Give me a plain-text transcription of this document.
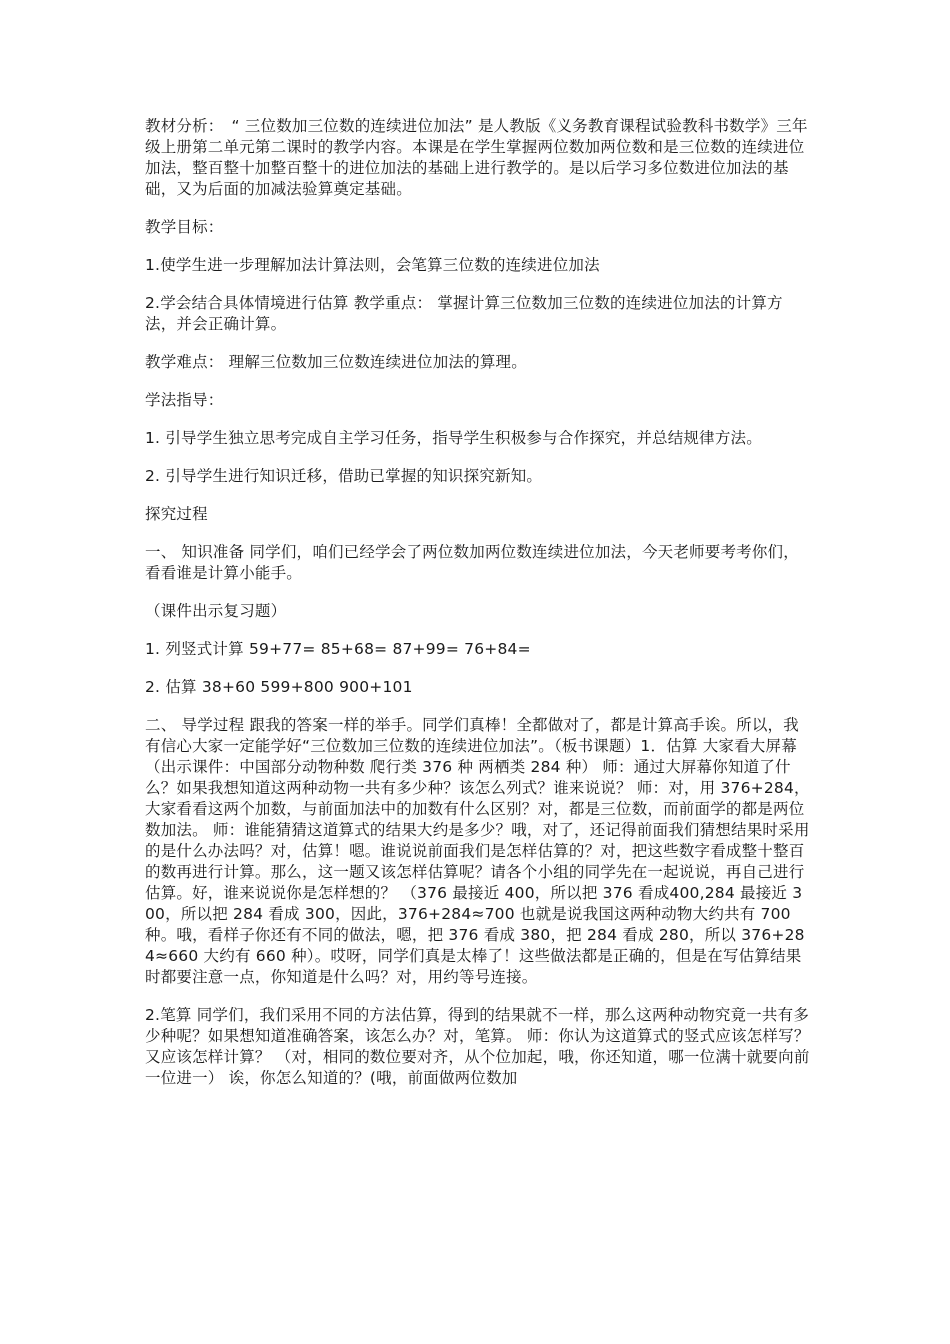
教材分析：　“ 三位数加三位数的连续进位加法” 是人教版《义务教育课程试验教科书数学》三年级上册第二单元第二课时的教学内容。本课是在学生掌握两位数加两位数和是三位数的连续进位加法，整百整十加整百整十的进位加法的基础上进行教学的。是以后学习多位数进位加法的基础，又为后面的加减法验算奠定基础。

教学目标：

1.使学生进一步理解加法计算法则，会笔算三位数的连续进位加法

2.学会结合具体情境进行估算 教学重点： 掌握计算三位数加三位数的连续进位加法的计算方法，并会正确计算。

教学难点： 理解三位数加三位数连续进位加法的算理。

学法指导：

1. 引导学生独立思考完成自主学习任务，指导学生积极参与合作探究，并总结规律方法。

2. 引导学生进行知识迁移，借助已掌握的知识探究新知。

探究过程

一、 知识准备 同学们，咱们已经学会了两位数加两位数连续进位加法，今天老师要考考你们，看看谁是计算小能手。

（课件出示复习题）

1. 列竖式计算 59+77= 85+68= 87+99= 76+84=

2. 估算 38+60 599+800 900+101

二、 导学过程 跟我的答案一样的举手。同学们真棒！全都做对了，都是计算高手诶。所以，我有信心大家一定能学好“三位数加三位数的连续进位加法”。（板书课题）1．估算 大家看大屏幕（出示课件：中国部分动物种数 爬行类 376 种 两栖类 284 种） 师：通过大屏幕你知道了什么？如果我想知道这两种动物一共有多少种？该怎么列式？谁来说说？ 师：对，用 376+284，大家看看这两个加数，与前面加法中的加数有什么区别？对，都是三位数，而前面学的都是两位数加法。 师：谁能猜猜这道算式的结果大约是多少？哦，对了，还记得前面我们猜想结果时采用的是什么办法吗？对，估算！嗯。谁说说前面我们是怎样估算的？对，把这些数字看成整十整百的数再进行计算。那么，这一题又该怎样估算呢？请各个小组的同学先在一起说说，再自己进行估算。好，谁来说说你是怎样想的？ （376 最接近 400，所以把 376 看成400,284 最接近 300，所以把 284 看成 300，因此，376+284≈700 也就是说我国这两种动物大约共有 700 种。哦，看样子你还有不同的做法，嗯，把 376 看成 380，把 284 看成 280，所以 376+284≈660 大约有 660 种）。哎呀，同学们真是太棒了！这些做法都是正确的，但是在写估算结果时都要注意一点，你知道是什么吗？对，用约等号连接。

2.笔算 同学们，我们采用不同的方法估算，得到的结果就不一样，那么这两种动物究竟一共有多少种呢？如果想知道准确答案，该怎么办？对，笔算。 师：你认为这道算式的竖式应该怎样写？又应该怎样计算？ （对，相同的数位要对齐，从个位加起，哦，你还知道，哪一位满十就要向前一位进一） 诶，你怎么知道的？(哦，前面做两位数加
